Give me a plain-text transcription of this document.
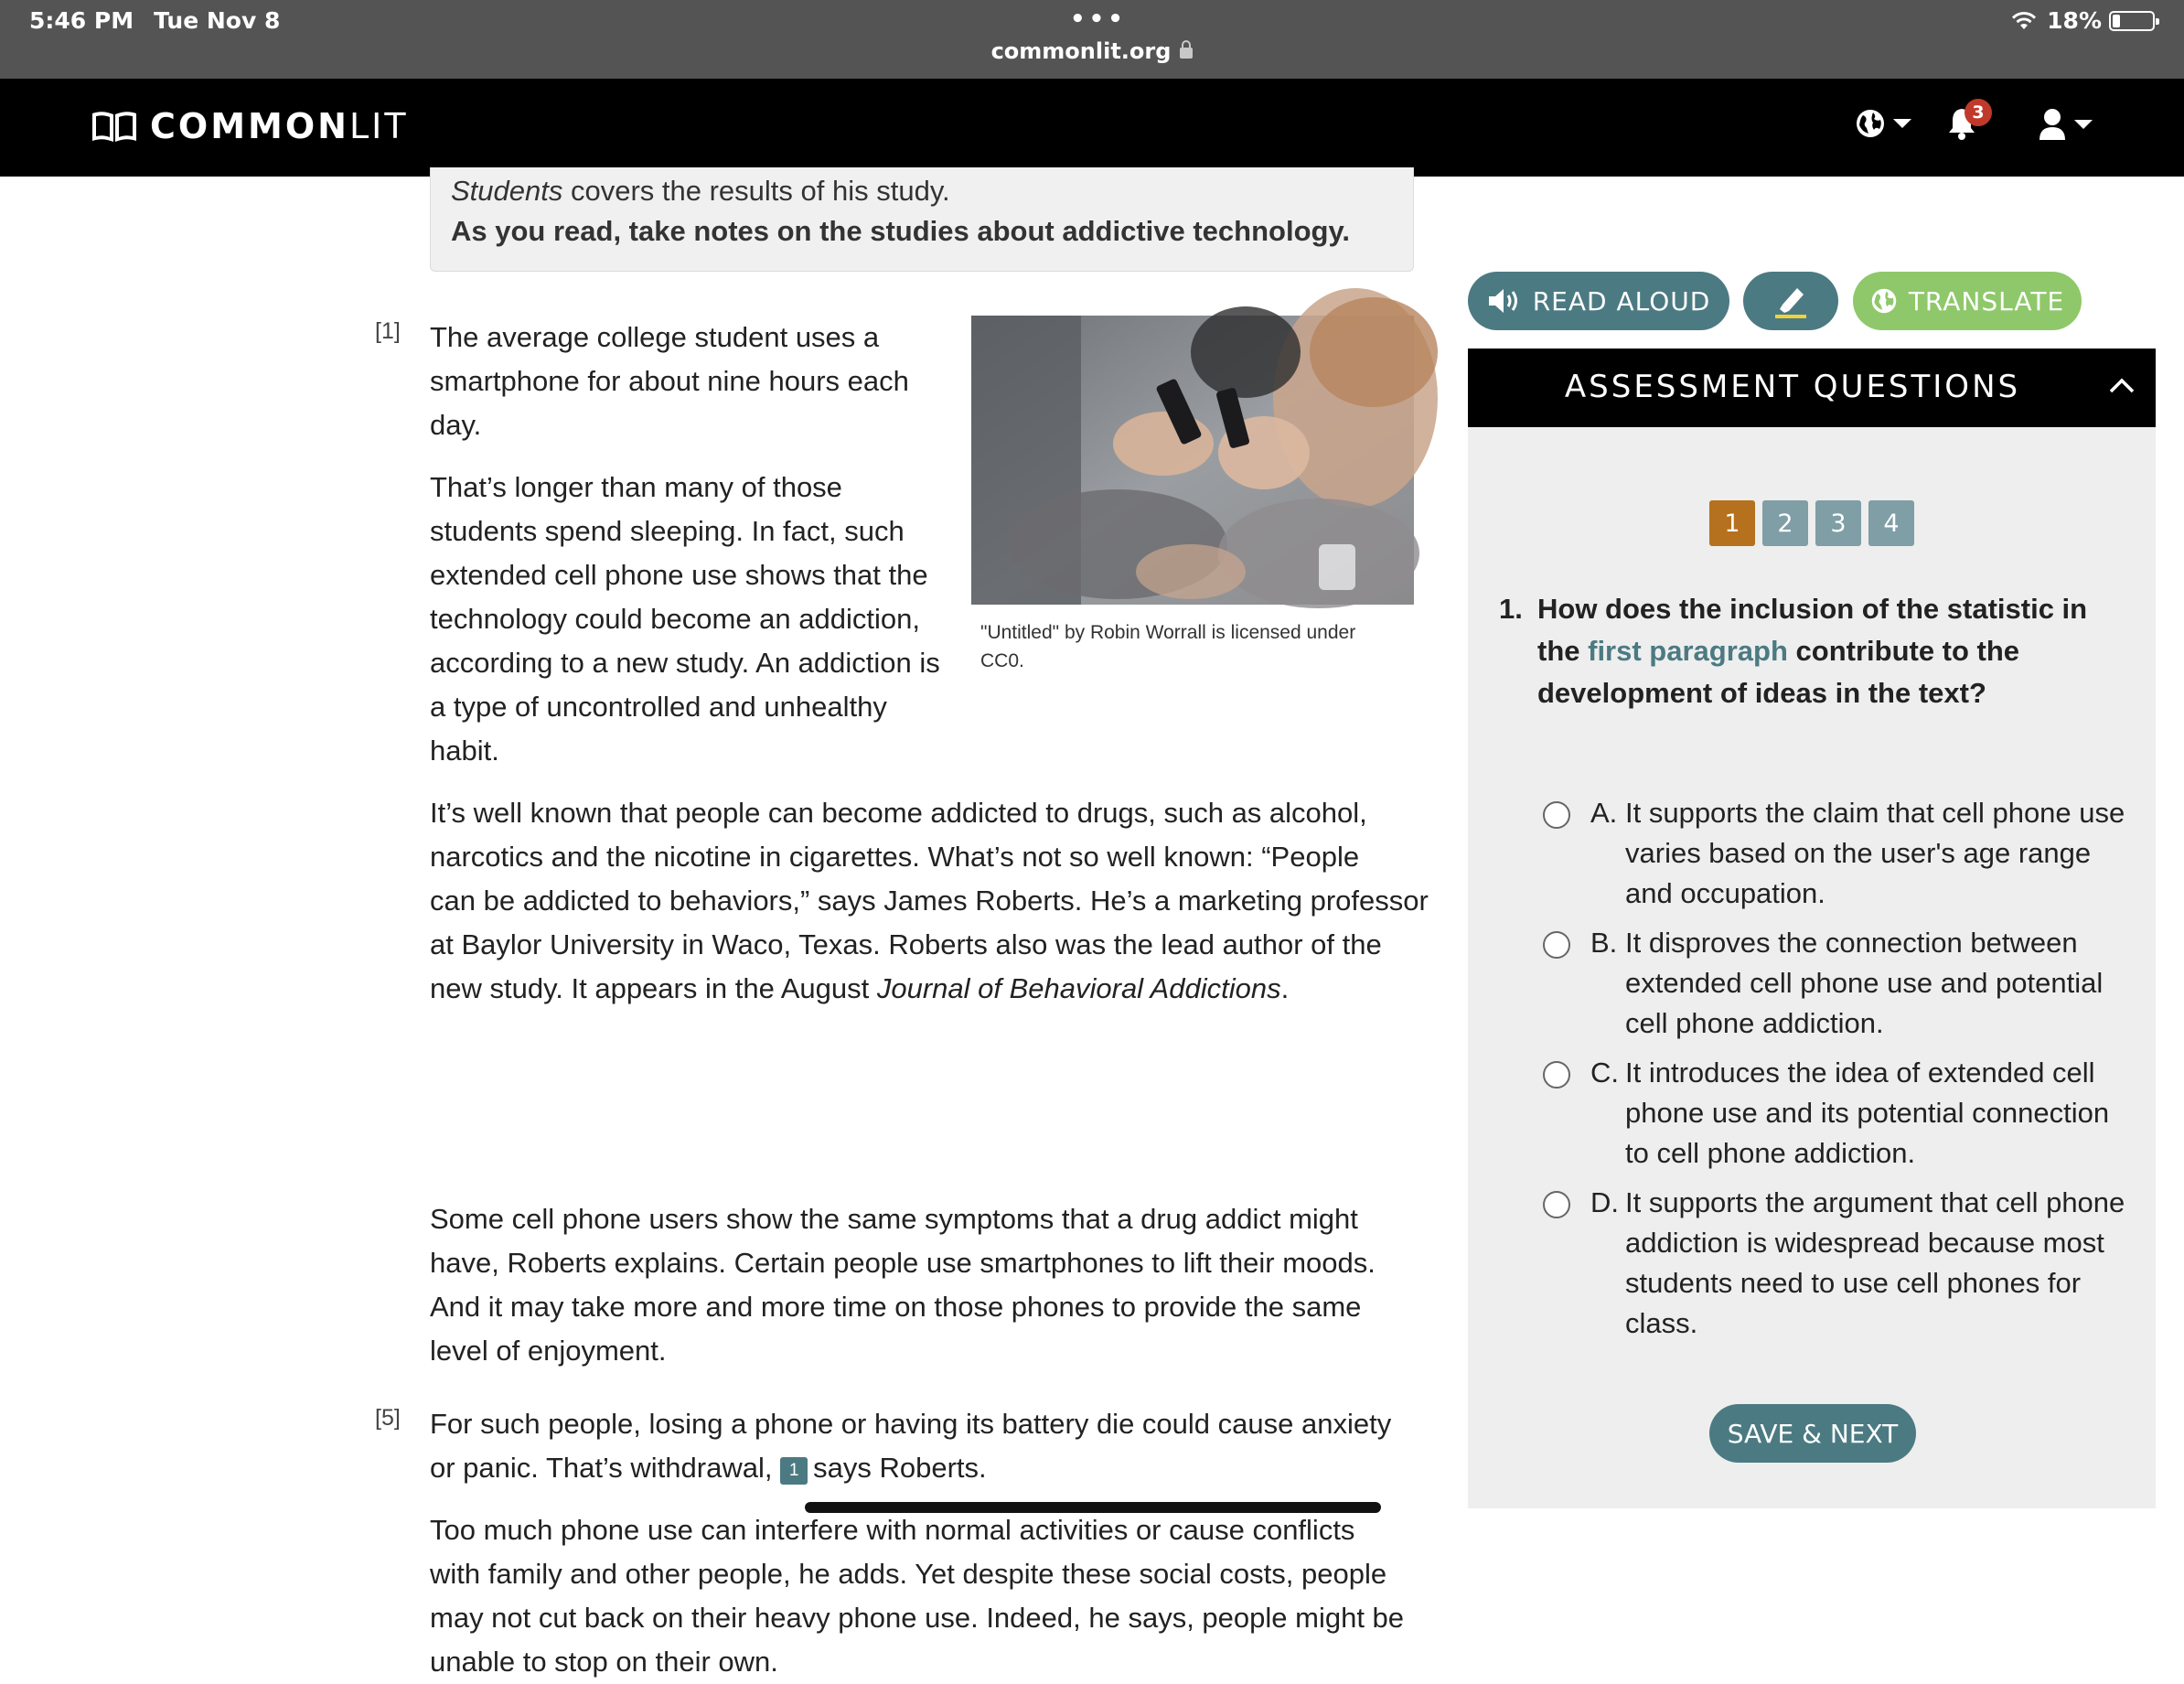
5:46 PM Tue Nov 8	•••
commonlit.org
18%
COMMONLIT	3
Students covers the results of his study.
As you read, take notes on the studies about addictive technology.
[1] The average college student uses a
smartphone for about nine hours each
day.
"Untitled" by Robin Worrall is licensed under
CC0.
That’s longer than many of those
students spend sleeping. In fact, such
extended cell phone use shows that the
technology could become an addiction,
according to a new study. An addiction is
a type of uncontrolled and unhealthy
habit.
It’s well known that people can become addicted to drugs, such as alcohol,
narcotics and the nicotine in cigarettes. What’s not so well known: “People
can be addicted to behaviors,” says James Roberts. He’s a marketing professor
at Baylor University in Waco, Texas. Roberts also was the lead author of the
new study. It appears in the August Journal of Behavioral Addictions.
Some cell phone users show the same symptoms that a drug addict might
have, Roberts explains. Certain people use smartphones to lift their moods.
And it may take more and more time on those phones to provide the same
level of enjoyment.
[5] For such people, losing a phone or having its battery die could cause anxiety
or panic. That’s withdrawal, 1 says Roberts.
Too much phone use can interfere with normal activities or cause conflicts
with family and other people, he adds. Yet despite these social costs, people
may not cut back on their heavy phone use. Indeed, he says, people might be
unable to stop on their own.
READ ALOUD	TRANSLATE
ASSESSMENT QUESTIONS
1	2	3	4
1. How does the inclusion of the statistic in the first paragraph contribute to the development of ideas in the text?
A. It supports the claim that cell phone use varies based on the user's age range and occupation.
B. It disproves the connection between extended cell phone use and potential cell phone addiction.
C. It introduces the idea of extended cell phone use and its potential connection to cell phone addiction.
D. It supports the argument that cell phone addiction is widespread because most students need to use cell phones for class.
SAVE & NEXT
